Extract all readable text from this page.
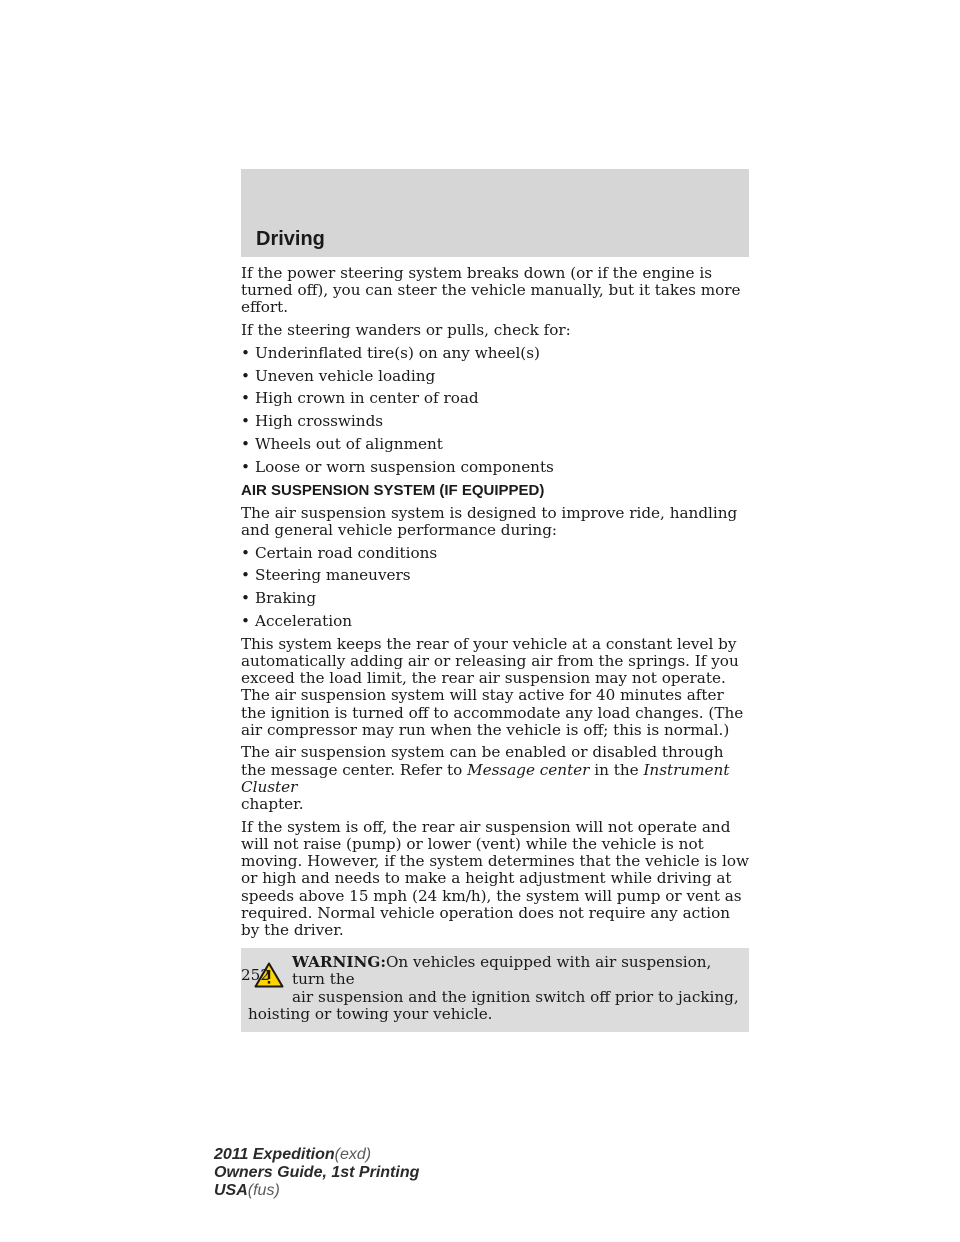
Driving

If the power steering system breaks down (or if the engine is turned off), you can steer the vehicle manually, but it takes more effort.

If the steering wanders or pulls, check for:

• Underinflated tire(s) on any wheel(s)
• Uneven vehicle loading
• High crown in center of road
• High crosswinds
• Wheels out of alignment
• Loose or worn suspension components
AIR SUSPENSION SYSTEM (IF EQUIPPED)

The air suspension system is designed to improve ride, handling and general vehicle performance during:

• Certain road conditions
• Steering maneuvers
• Braking
• Acceleration

This system keeps the rear of your vehicle at a constant level by automatically adding air or releasing air from the springs. If you exceed the load limit, the rear air suspension may not operate. The air suspension system will stay active for 40 minutes after the ignition is turned off to accommodate any load changes. (The air compressor may run when the vehicle is off; this is normal.)

The air suspension system can be enabled or disabled through the message center. Refer to Message center in the Instrument Cluster
chapter.

If the system is off, the rear air suspension will not operate and will not raise (pump) or lower (vent) while the vehicle is not moving. However, if the system determines that the vehicle is low or high and needs to make a height adjustment while driving at speeds above 15 mph (24 km/h), the system will pump or vent as required. Normal vehicle operation does not require any action by the driver.

WARNING:On vehicles equipped with air suspension, turn the
air suspension and the ignition switch off prior to jacking,
hoisting or towing your vehicle.
252
2011 Expedition(exd)
Owners Guide, 1st Printing
USA(fus)
